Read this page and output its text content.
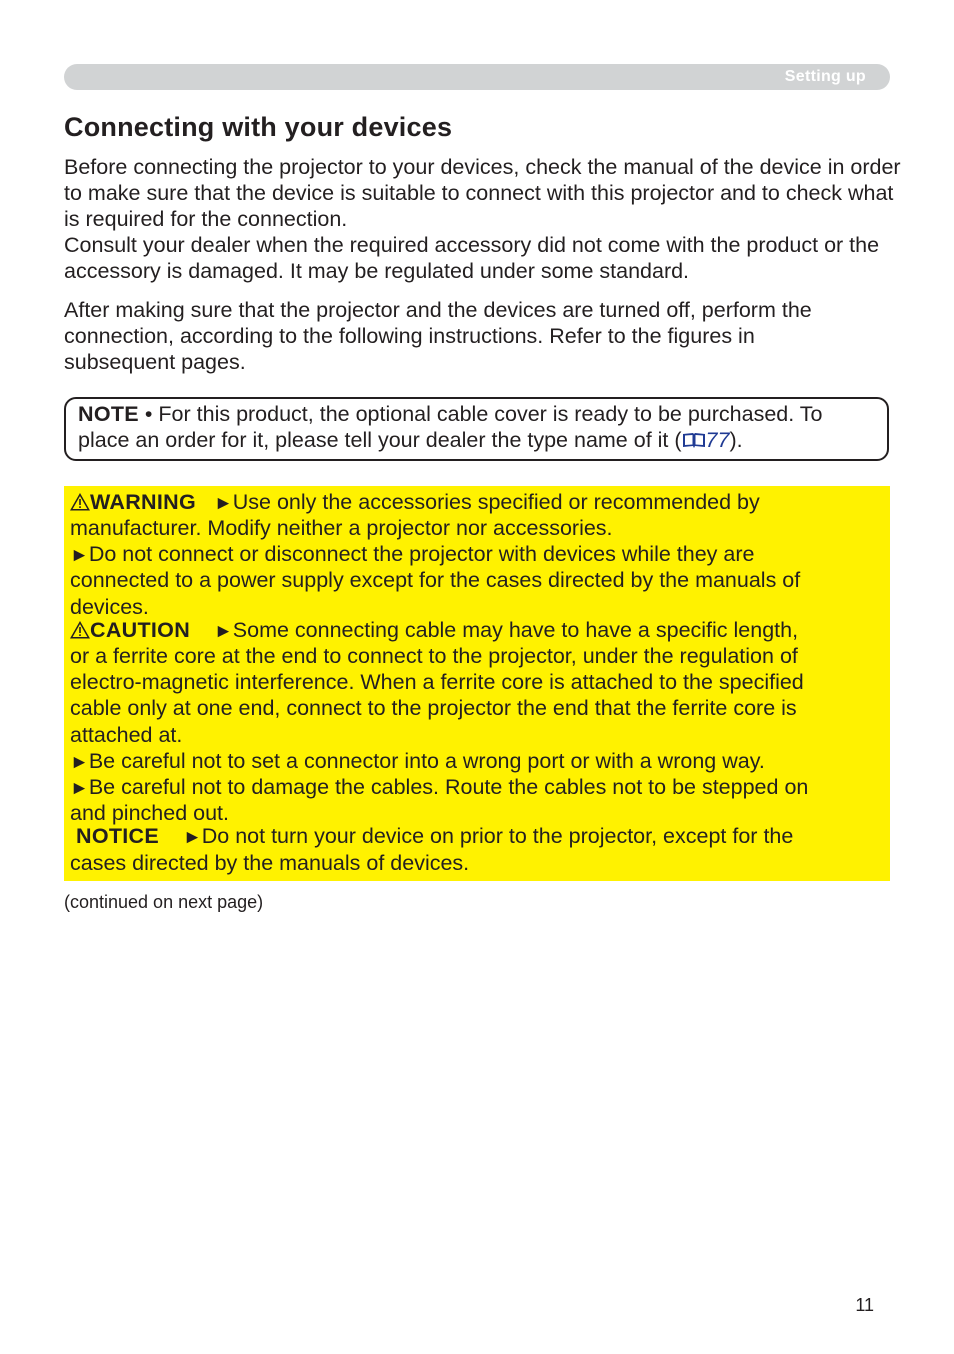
Setting up
Connecting with your devices

Before connecting the projector to your devices, check the manual of the device in order to make sure that the device is suitable to connect with this projector and to check what is required for the connection.

Consult your dealer when the required accessory did not come with the product or the accessory is damaged. It may be regulated under some standard.

After making sure that the projector and the devices are turned off, perform the connection, according to the following instructions. Refer to the figures in subsequent pages.

NOTE • For this product, the optional cable cover is ready to be purchased. To
place an order for it, please tell your dealer the type name of it ( 77).

WARNING ►Use only the accessories specified or recommended by

manufacturer. Modify neither a projector nor accessories.

►Do not connect or disconnect the projector with devices while they are

connected to a power supply except for the cases directed by the manuals of

devices.

CAUTION ►Some connecting cable may have to have a specific length,

or a ferrite core at the end to connect to the projector, under the regulation of

electro-magnetic interference. When a ferrite core is attached to the specified

cable only at one end, connect to the projector the end that the ferrite core is

attached at.

►Be careful not to set a connector into a wrong port or with a wrong way.

►Be careful not to damage the cables. Route the cables not to be stepped on

and pinched out.

NOTICE ►Do not turn your device on prior to the projector, except for the

cases directed by the manuals of devices.

(continued on next page)
11
